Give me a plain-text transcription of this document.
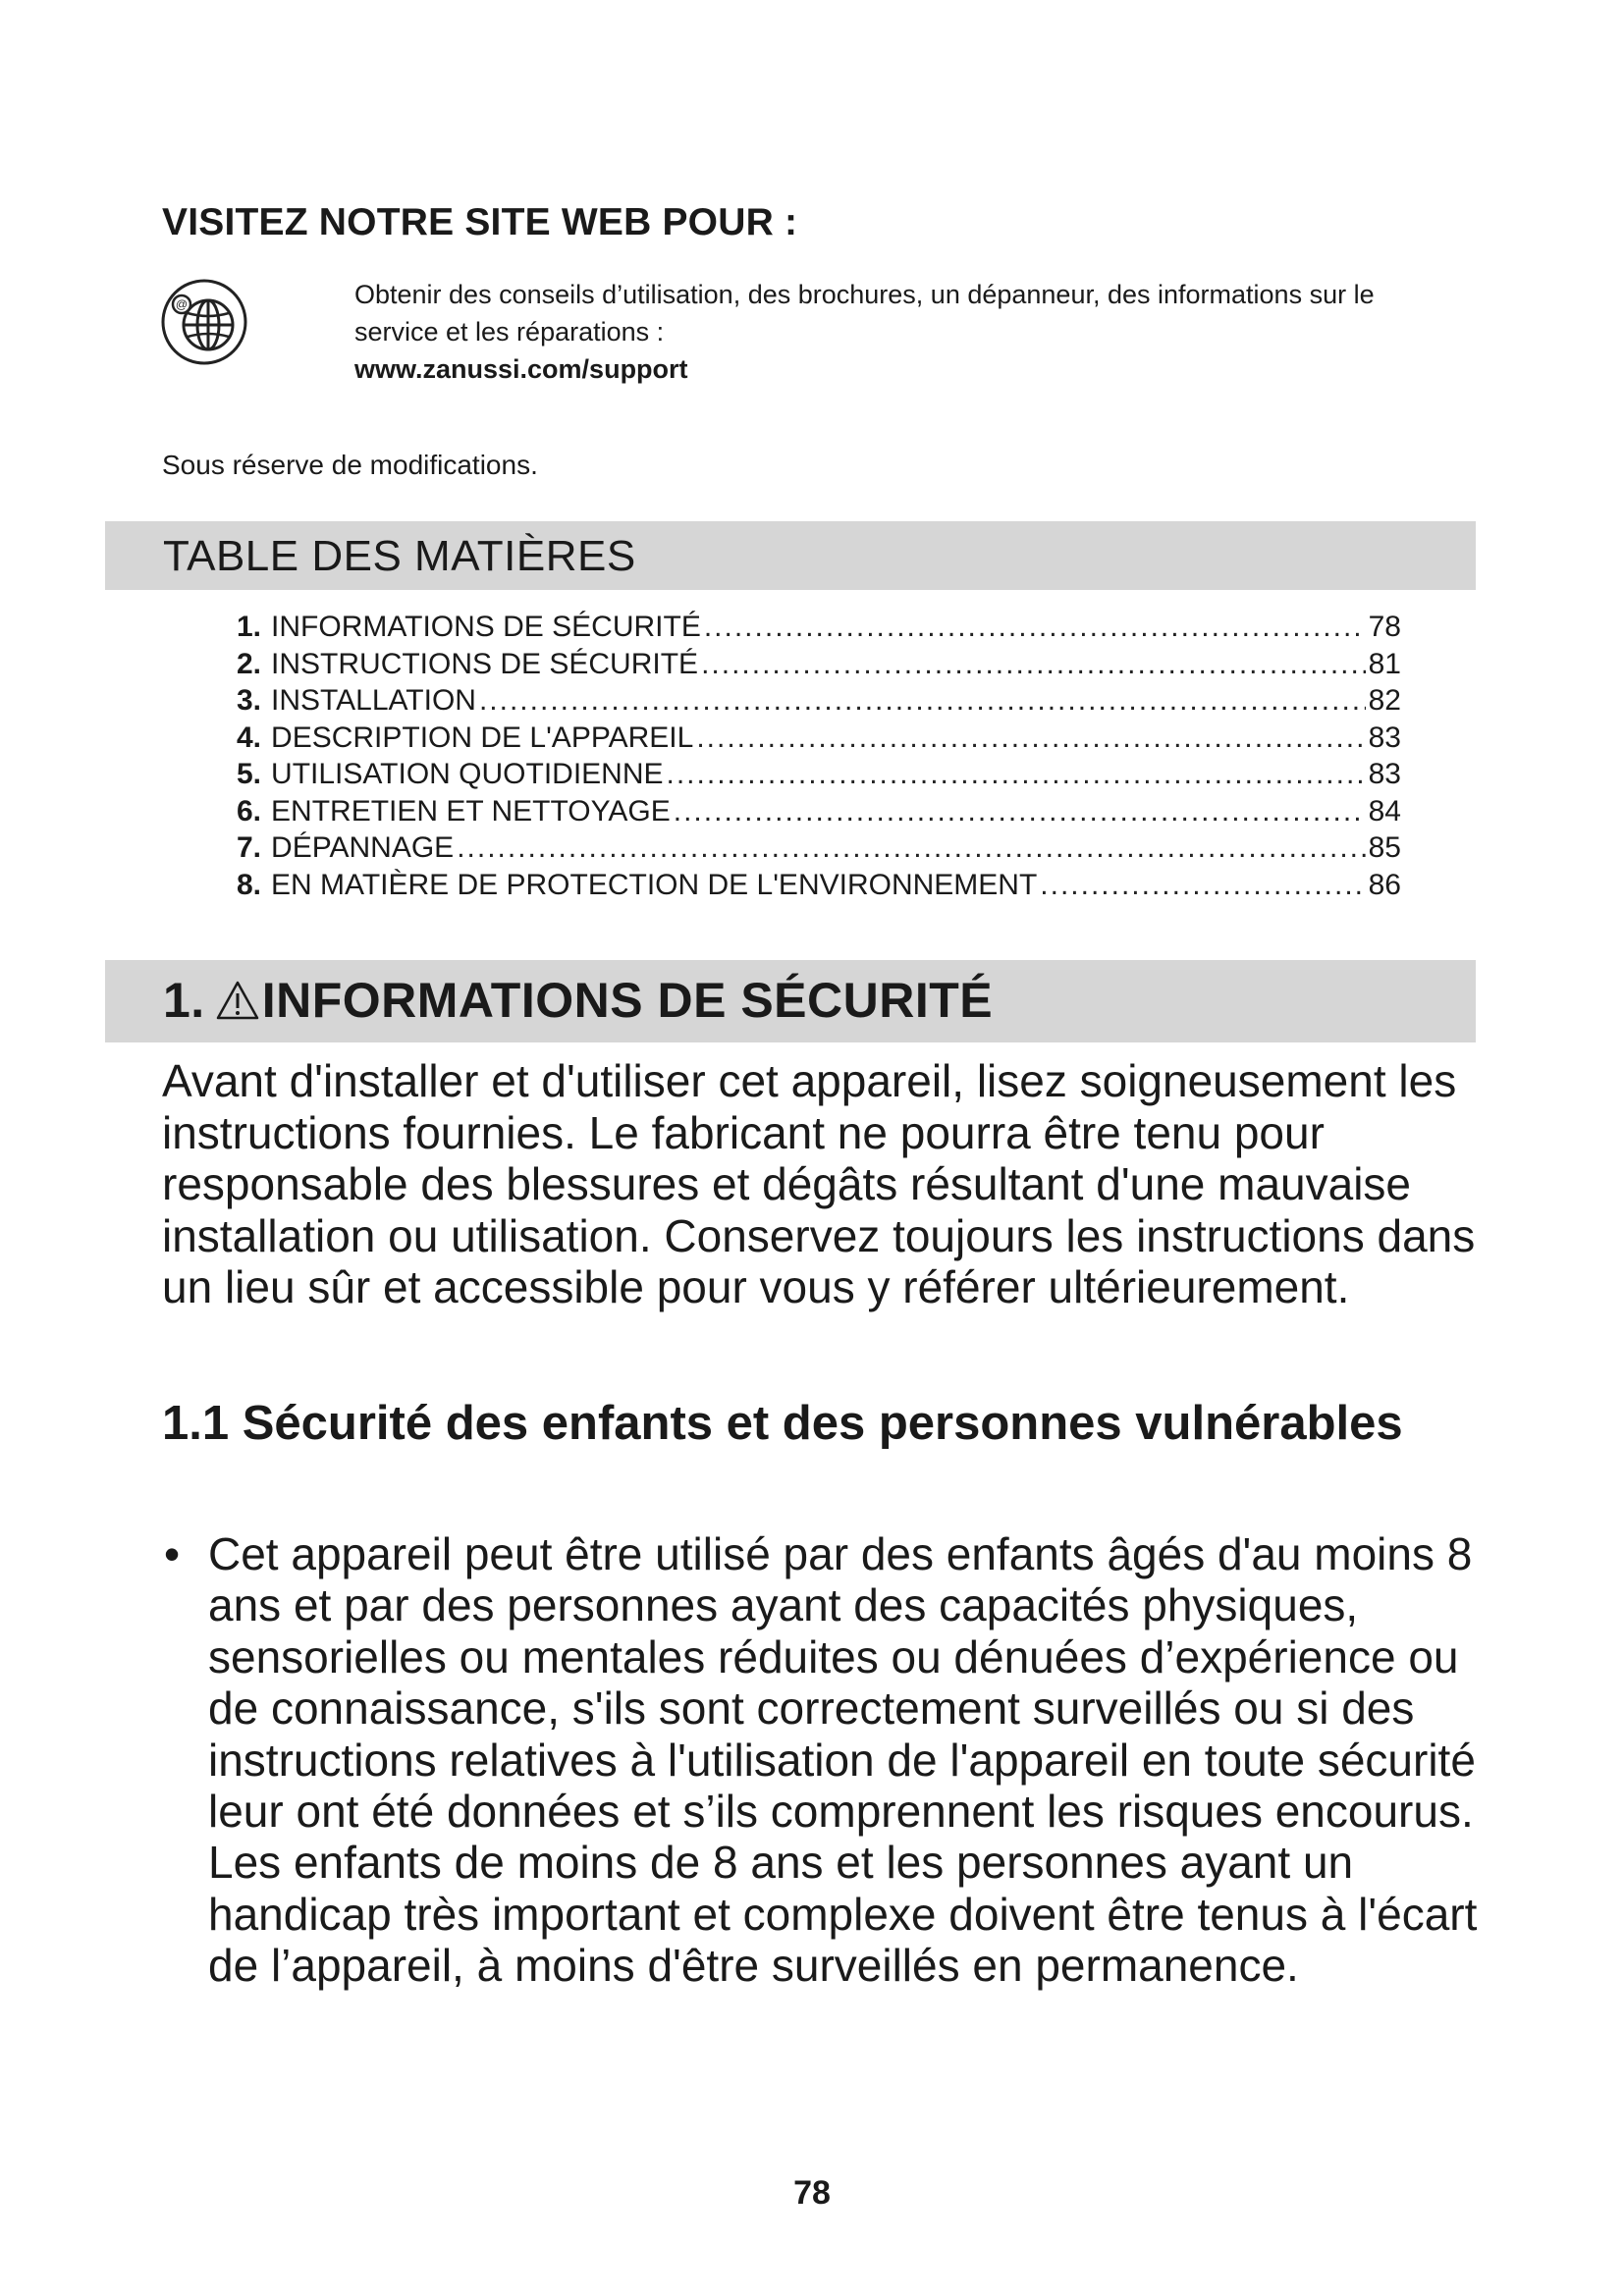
VISITEZ NOTRE SITE WEB POUR :
@	Obtenir des conseils d’utilisation, des brochures, un dépanneur, des informations sur le service et les réparations :
www.zanussi.com/support

Sous réserve de modifications.

TABLE DES MATIÈRES
1. INFORMATIONS DE SÉCURITÉ .....	78
2. INSTRUCTIONS DE SÉCURITÉ .....	81
3. INSTALLATION .....	82
4. DESCRIPTION DE L'APPAREIL .....	83
5. UTILISATION QUOTIDIENNE .....	83
6. ENTRETIEN ET NETTOYAGE .....	84
7. DÉPANNAGE .....	85
8. EN MATIÈRE DE PROTECTION DE L'ENVIRONNEMENT .....	86
1. INFORMATIONS DE SÉCURITÉ

Avant d'installer et d'utiliser cet appareil, lisez soigneusement les instructions fournies. Le fabricant ne pourra être tenu pour responsable des blessures et dégâts résultant d'une mauvaise installation ou utilisation. Conservez toujours les instructions dans un lieu sûr et accessible pour vous y référer ultérieurement.

1.1 Sécurité des enfants et des personnes vulnérables
• Cet appareil peut être utilisé par des enfants âgés d'au moins 8 ans et par des personnes ayant des capacités physiques, sensorielles ou mentales réduites ou dénuées d’expérience ou de connaissance, s'ils sont correctement surveillés ou si des instructions relatives à l'utilisation de l'appareil en toute sécurité leur ont été données et s’ils comprennent les risques encourus. Les enfants de moins de 8 ans et les personnes ayant un handicap très important et complexe doivent être tenus à l'écart de l’appareil, à moins d'être surveillés en permanence.

78
